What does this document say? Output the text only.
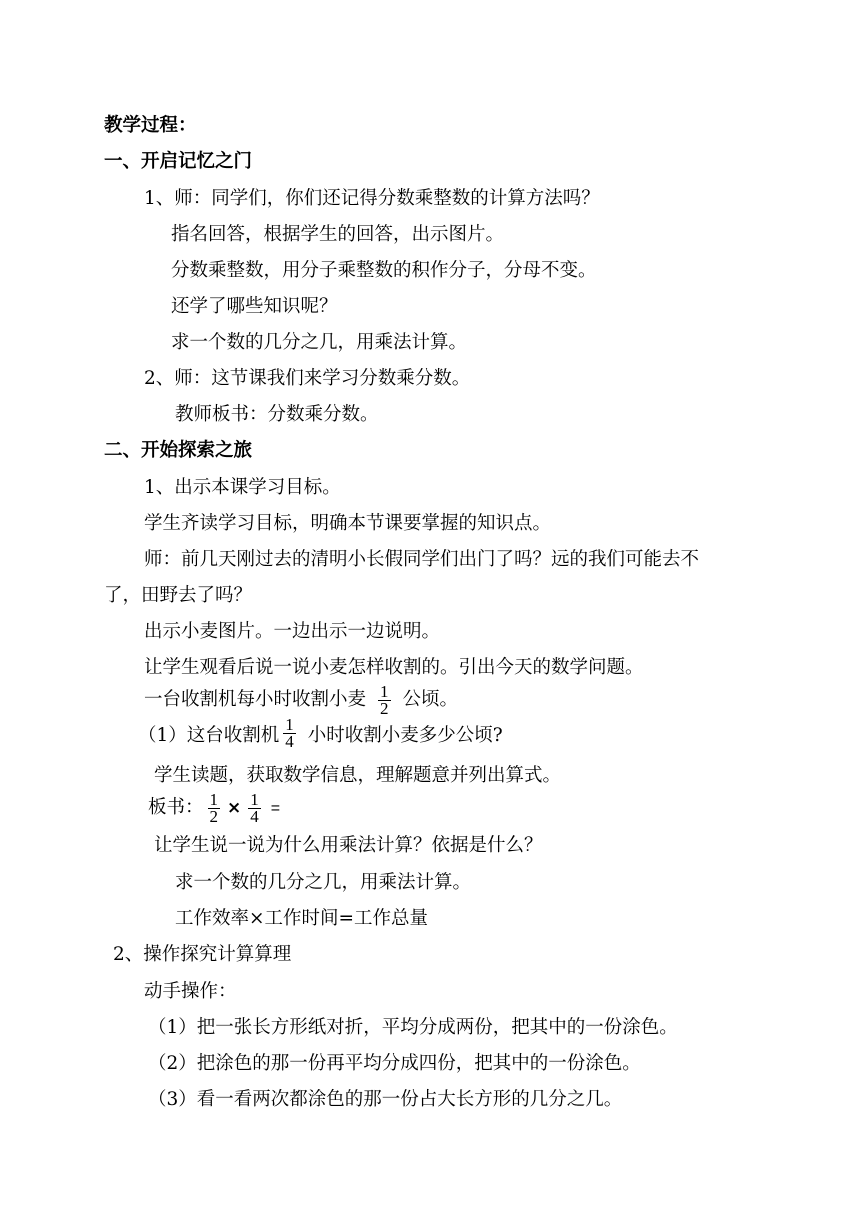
教学过程：
一、开启记忆之门
1、师：同学们，你们还记得分数乘整数的计算方法吗？
指名回答，根据学生的回答，出示图片。
分数乘整数，用分子乘整数的积作分子，分母不变。
还学了哪些知识呢？
求一个数的几分之几，用乘法计算。
2、师：这节课我们来学习分数乘分数。
教师板书：分数乘分数。
二、开始探索之旅
1、出示本课学习目标。
学生齐读学习目标，明确本节课要掌握的知识点。
师：前几天刚过去的清明小长假同学们出门了吗？远的我们可能去不
了，田野去了吗？
出示小麦图片。一边出示一边说明。
让学生观看后说一说小麦怎样收割的。引出今天的数学问题。
一台收割机每小时收割小麦 $\frac{1}{2}$ 公顷。
（1）这台收割机 $\frac{1}{4}$ 小时收割小麦多少公顷?
学生读题，获取数学信息，理解题意并列出算式。
板书： $\frac{1}{2} \times \frac{1}{4}$ =
让学生说一说为什么用乘法计算？依据是什么？
求一个数的几分之几，用乘法计算。
工作效率×工作时间=工作总量
2、操作探究计算算理
动手操作：
（1）把一张长方形纸对折，平均分成两份，把其中的一份涂色。
（2）把涂色的那一份再平均分成四份，把其中的一份涂色。
（3）看一看两次都涂色的那一份占大长方形的几分之几。
